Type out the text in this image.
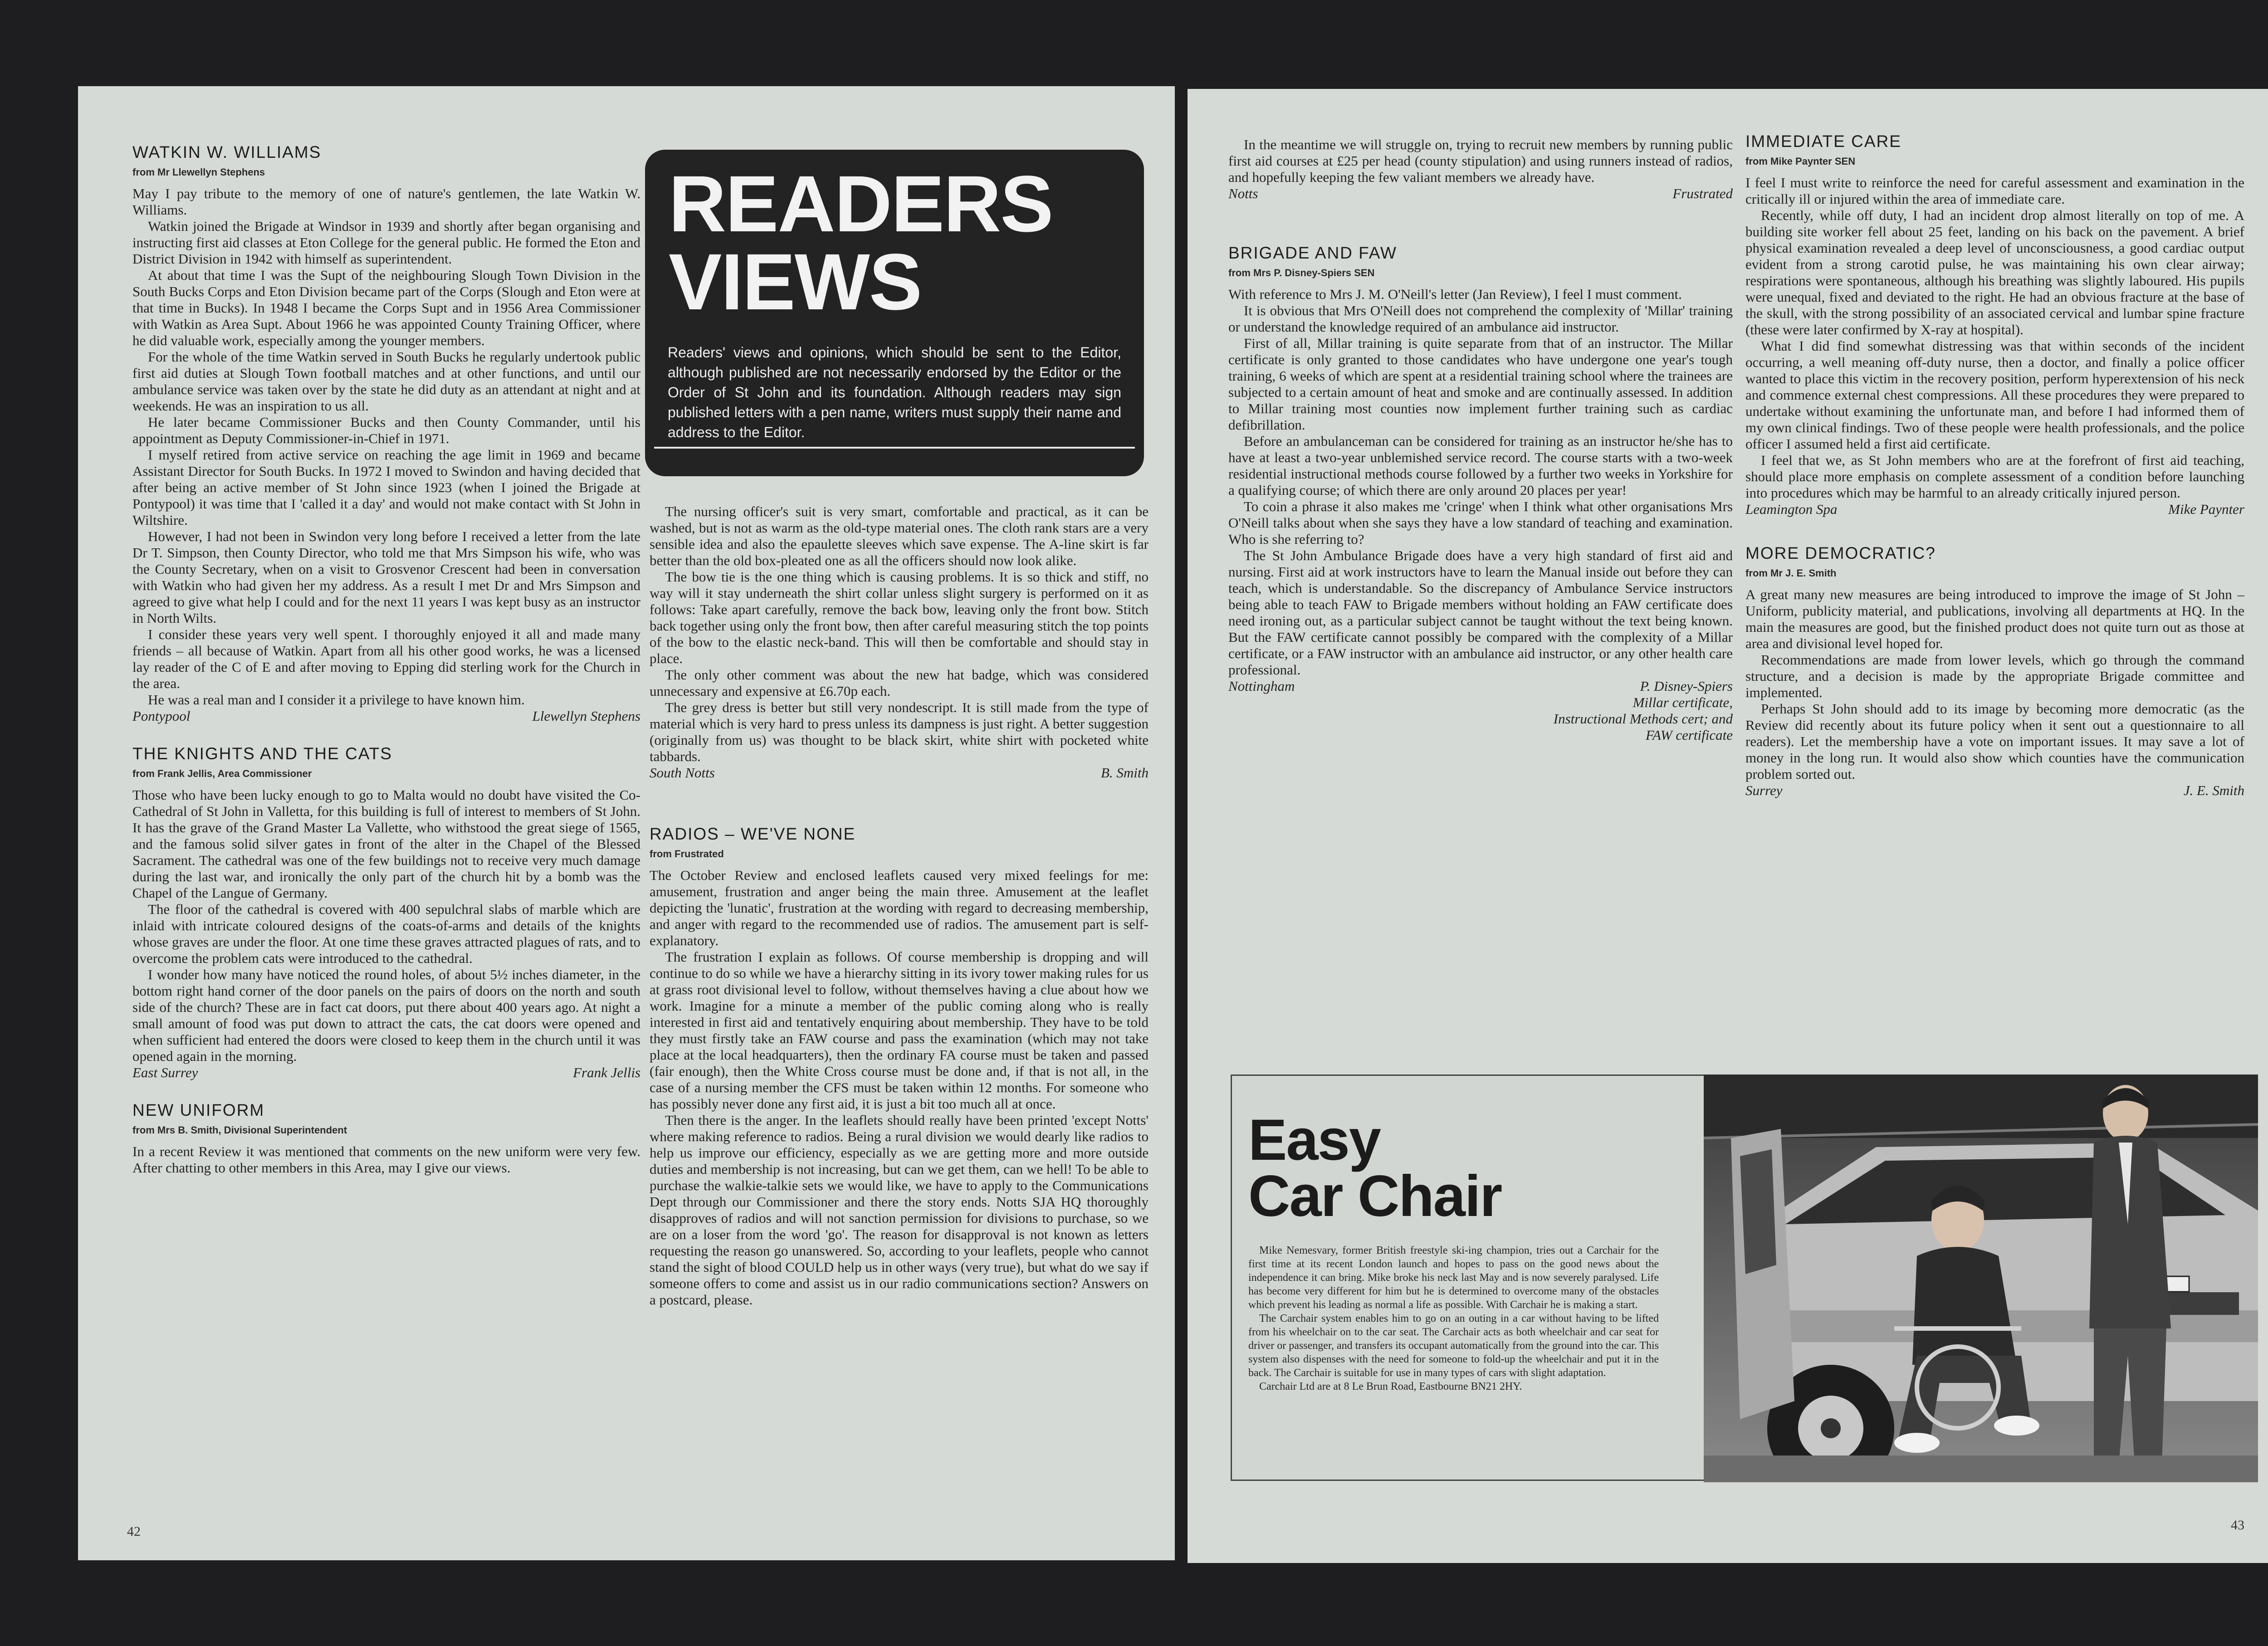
WATKIN W. WILLIAMS
from Mr Llewellyn Stephens

May I pay tribute to the memory of one of nature's gentlemen, the late Watkin W. Williams.

Watkin joined the Brigade at Windsor in 1939 and shortly after began organising and instructing first aid classes at Eton College for the general public. He formed the Eton and District Division in 1942 with himself as superintendent.

At about that time I was the Supt of the neighbouring Slough Town Division in the South Bucks Corps and Eton Division became part of the Corps (Slough and Eton were at that time in Bucks). In 1948 I became the Corps Supt and in 1956 Area Commissioner with Watkin as Area Supt. About 1966 he was appointed County Training Officer, where he did valuable work, especially among the younger members.

For the whole of the time Watkin served in South Bucks he regularly undertook public first aid duties at Slough Town football matches and at other functions, and until our ambulance service was taken over by the state he did duty as an attendant at night and at weekends. He was an inspiration to us all.

He later became Commissioner Bucks and then County Commander, until his appointment as Deputy Commissioner-in-Chief in 1971.

I myself retired from active service on reaching the age limit in 1969 and became Assistant Director for South Bucks. In 1972 I moved to Swindon and having decided that after being an active member of St John since 1923 (when I joined the Brigade at Pontypool) it was time that I 'called it a day' and would not make contact with St John in Wiltshire.

However, I had not been in Swindon very long before I received a letter from the late Dr T. Simpson, then County Director, who told me that Mrs Simpson his wife, who was the County Secretary, when on a visit to Grosvenor Crescent had been in conversation with Watkin who had given her my address. As a result I met Dr and Mrs Simpson and agreed to give what help I could and for the next 11 years I was kept busy as an instructor in North Wilts.

I consider these years very well spent. I thoroughly enjoyed it all and made many friends – all because of Watkin. Apart from all his other good works, he was a licensed lay reader of the C of E and after moving to Epping did sterling work for the Church in the area.

He was a real man and I consider it a privilege to have known him.

Pontypool	Llewellyn Stephens
THE KNIGHTS AND THE CATS
from Frank Jellis, Area Commissioner

Those who have been lucky enough to go to Malta would no doubt have visited the Co-Cathedral of St John in Valletta, for this building is full of interest to members of St John. It has the grave of the Grand Master La Vallette, who withstood the great siege of 1565, and the famous solid silver gates in front of the alter in the Chapel of the Blessed Sacrament. The cathedral was one of the few buildings not to receive very much damage during the last war, and ironically the only part of the church hit by a bomb was the Chapel of the Langue of Germany.

The floor of the cathedral is covered with 400 sepulchral slabs of marble which are inlaid with intricate coloured designs of the coats-of-arms and details of the knights whose graves are under the floor. At one time these graves attracted plagues of rats, and to overcome the problem cats were introduced to the cathedral.

I wonder how many have noticed the round holes, of about 5½ inches diameter, in the bottom right hand corner of the door panels on the pairs of doors on the north and south side of the church? These are in fact cat doors, put there about 400 years ago. At night a small amount of food was put down to attract the cats, the cat doors were opened and when sufficient had entered the doors were closed to keep them in the church until it was opened again in the morning.

East Surrey	Frank Jellis
NEW UNIFORM
from Mrs B. Smith, Divisional Superintendent

In a recent Review it was mentioned that comments on the new uniform were very few. After chatting to other members in this Area, may I give our views.

READERS
VIEWS
Readers' views and opinions, which should be sent to the Editor, although published are not necessarily endorsed by the Editor or the Order of St John and its foundation. Although readers may sign published letters with a pen name, writers must supply their name and address to the Editor.

The nursing officer's suit is very smart, comfortable and practical, as it can be washed, but is not as warm as the old-type material ones. The cloth rank stars are a very sensible idea and also the epaulette sleeves which save expense. The A-line skirt is far better than the old box-pleated one as all the officers should now look alike.

The bow tie is the one thing which is causing problems. It is so thick and stiff, no way will it stay underneath the shirt collar unless slight surgery is performed on it as follows: Take apart carefully, remove the back bow, leaving only the front bow. Stitch back together using only the front bow, then after careful measuring stitch the top points of the bow to the elastic neck-band. This will then be comfortable and should stay in place.

The only other comment was about the new hat badge, which was considered unnecessary and expensive at £6.70p each.

The grey dress is better but still very nondescript. It is still made from the type of material which is very hard to press unless its dampness is just right. A better suggestion (originally from us) was thought to be black skirt, white shirt with pocketed white tabbards.

South Notts	B. Smith
RADIOS – WE'VE NONE
from Frustrated

The October Review and enclosed leaflets caused very mixed feelings for me: amusement, frustration and anger being the main three. Amusement at the leaflet depicting the 'lunatic', frustration at the wording with regard to decreasing membership, and anger with regard to the recommended use of radios. The amusement part is self-explanatory.

The frustration I explain as follows. Of course membership is dropping and will continue to do so while we have a hierarchy sitting in its ivory tower making rules for us at grass root divisional level to follow, without themselves having a clue about how we work. Imagine for a minute a member of the public coming along who is really interested in first aid and tentatively enquiring about membership. They have to be told they must firstly take an FAW course and pass the examination (which may not take place at the local headquarters), then the ordinary FA course must be taken and passed (fair enough), then the White Cross course must be done and, if that is not all, in the case of a nursing member the CFS must be taken within 12 months. For someone who has possibly never done any first aid, it is just a bit too much all at once.

Then there is the anger. In the leaflets should really have been printed 'except Notts' where making reference to radios. Being a rural division we would dearly like radios to help us improve our efficiency, especially as we are getting more and more outside duties and membership is not increasing, but can we get them, can we hell! To be able to purchase the walkie-talkie sets we would like, we have to apply to the Communications Dept through our Commissioner and there the story ends. Notts SJA HQ thoroughly disapproves of radios and will not sanction permission for divisions to purchase, so we are on a loser from the word 'go'. The reason for disapproval is not known as letters requesting the reason go unanswered. So, according to your leaflets, people who cannot stand the sight of blood COULD help us in other ways (very true), but what do we say if someone offers to come and assist us in our radio communications section? Answers on a postcard, please.

42

In the meantime we will struggle on, trying to recruit new members by running public first aid courses at £25 per head (county stipulation) and using runners instead of radios, and hopefully keeping the few valiant members we already have.

Notts	Frustrated
BRIGADE AND FAW
from Mrs P. Disney-Spiers SEN

With reference to Mrs J. M. O'Neill's letter (Jan Review), I feel I must comment.

It is obvious that Mrs O'Neill does not comprehend the complexity of 'Millar' training or understand the knowledge required of an ambulance aid instructor.

First of all, Millar training is quite separate from that of an instructor. The Millar certificate is only granted to those candidates who have undergone one year's tough training, 6 weeks of which are spent at a residential training school where the trainees are subjected to a certain amount of heat and smoke and are continually assessed. In addition to Millar training most counties now implement further training such as cardiac defibrillation.

Before an ambulanceman can be considered for training as an instructor he/she has to have at least a two-year unblemished service record. The course starts with a two-week residential instructional methods course followed by a further two weeks in Yorkshire for a qualifying course; of which there are only around 20 places per year!

To coin a phrase it also makes me 'cringe' when I think what other organisations Mrs O'Neill talks about when she says they have a low standard of teaching and examination. Who is she referring to?

The St John Ambulance Brigade does have a very high standard of first aid and nursing. First aid at work instructors have to learn the Manual inside out before they can teach, which is understandable. So the discrepancy of Ambulance Service instructors being able to teach FAW to Brigade members without holding an FAW certificate does need ironing out, as a particular subject cannot be taught without the text being known. But the FAW certificate cannot possibly be compared with the complexity of a Millar certificate, or a FAW instructor with an ambulance aid instructor, or any other health care professional.

Nottingham	P. Disney-Spiers
Millar certificate,
Instructional Methods cert; and
FAW certificate
IMMEDIATE CARE
from Mike Paynter SEN

I feel I must write to reinforce the need for careful assessment and examination in the critically ill or injured within the area of immediate care.

Recently, while off duty, I had an incident drop almost literally on top of me. A building site worker fell about 25 feet, landing on his back on the pavement. A brief physical examination revealed a deep level of unconsciousness, a good cardiac output evident from a strong carotid pulse, he was maintaining his own clear airway; respirations were spontaneous, although his breathing was slightly laboured. His pupils were unequal, fixed and deviated to the right. He had an obvious fracture at the base of the skull, with the strong possibility of an associated cervical and lumbar spine fracture (these were later confirmed by X-ray at hospital).

What I did find somewhat distressing was that within seconds of the incident occurring, a well meaning off-duty nurse, then a doctor, and finally a police officer wanted to place this victim in the recovery position, perform hyperextension of his neck and commence external chest compressions. All these procedures they were prepared to undertake without examining the unfortunate man, and before I had informed them of my own clinical findings. Two of these people were health professionals, and the police officer I assumed held a first aid certificate.

I feel that we, as St John members who are at the forefront of first aid teaching, should place more emphasis on complete assessment of a condition before launching into procedures which may be harmful to an already critically injured person.

Leamington Spa	Mike Paynter
MORE DEMOCRATIC?
from Mr J. E. Smith

A great many new measures are being introduced to improve the image of St John – Uniform, publicity material, and publications, involving all departments at HQ. In the main the measures are good, but the finished product does not quite turn out as those at area and divisional level hoped for.

Recommendations are made from lower levels, which go through the command structure, and a decision is made by the appropriate Brigade committee and implemented.

Perhaps St John should add to its image by becoming more democratic (as the Review did recently about its future policy when it sent out a questionnaire to all readers). Let the membership have a vote on important issues. It may save a lot of money in the long run. It would also show which counties have the communication problem sorted out.

Surrey	J. E. Smith
Easy
Car Chair

Mike Nemesvary, former British freestyle ski-ing champion, tries out a Carchair for the first time at its recent London launch and hopes to pass on the good news about the independence it can bring. Mike broke his neck last May and is now severely paralysed. Life has become very different for him but he is determined to overcome many of the obstacles which prevent his leading as normal a life as possible. With Carchair he is making a start.

The Carchair system enables him to go on an outing in a car without having to be lifted from his wheelchair on to the car seat. The Carchair acts as both wheelchair and car seat for driver or passenger, and transfers its occupant automatically from the ground into the car. This system also dispenses with the need for someone to fold-up the wheelchair and put it in the back. The Carchair is suitable for use in many types of cars with slight adaptation.

Carchair Ltd are at 8 Le Brun Road, Eastbourne BN21 2HY.

43
